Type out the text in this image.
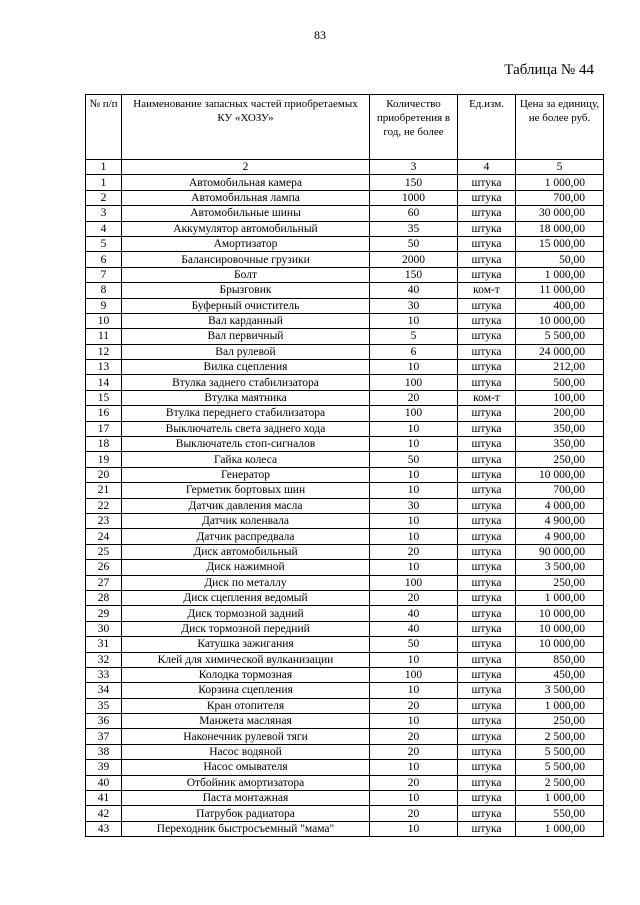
83
Таблица № 44
№ п/п	Наименование запасных частей приобретаемых КУ «ХОЗУ»	Количество приобретения в год, не более	Ед.изм.	Цена за единицу, не более руб.
1	2	3	4	5
1	Автомобильная камера	150	штука	1 000,00
2	Автомобильная лампа	1000	штука	700,00
3	Автомобильные шины	60	штука	30 000,00
4	Аккумулятор автомобильный	35	штука	18 000,00
5	Амортизатор	50	штука	15 000,00
6	Балансировочные грузики	2000	штука	50,00
7	Болт	150	штука	1 000,00
8	Брызговик	40	ком-т	11 000,00
9	Буферный очиститель	30	штука	400,00
10	Вал карданный	10	штука	10 000,00
11	Вал первичный	5	штука	5 500,00
12	Вал рулевой	6	штука	24 000,00
13	Вилка сцепления	10	штука	212,00
14	Втулка заднего стабилизатора	100	штука	500,00
15	Втулка маятника	20	ком-т	100,00
16	Втулка переднего стабилизатора	100	штука	200,00
17	Выключатель света заднего хода	10	штука	350,00
18	Выключатель стоп-сигналов	10	штука	350,00
19	Гайка колеса	50	штука	250,00
20	Генератор	10	штука	10 000,00
21	Герметик бортовых шин	10	штука	700,00
22	Датчик давления масла	30	штука	4 000,00
23	Датчик коленвала	10	штука	4 900,00
24	Датчик распредвала	10	штука	4 900,00
25	Диск автомобильный	20	штука	90 000,00
26	Диск нажимной	10	штука	3 500,00
27	Диск по металлу	100	штука	250,00
28	Диск сцепления ведомый	20	штука	1 000,00
29	Диск тормозной задний	40	штука	10 000,00
30	Диск тормозной передний	40	штука	10 000,00
31	Катушка зажигания	50	штука	10 000,00
32	Клей для химической вулканизации	10	штука	850,00
33	Колодка тормозная	100	штука	450,00
34	Корзина сцепления	10	штука	3 500,00
35	Кран отопителя	20	штука	1 000,00
36	Манжета масляная	10	штука	250,00
37	Наконечник рулевой тяги	20	штука	2 500,00
38	Насос водяной	20	штука	5 500,00
39	Насос омывателя	10	штука	5 500,00
40	Отбойник амортизатора	20	штука	2 500,00
41	Паста монтажная	10	штука	1 000,00
42	Патрубок радиатора	20	штука	550,00
43	Переходник быстросъемный "мама"	10	штука	1 000,00
